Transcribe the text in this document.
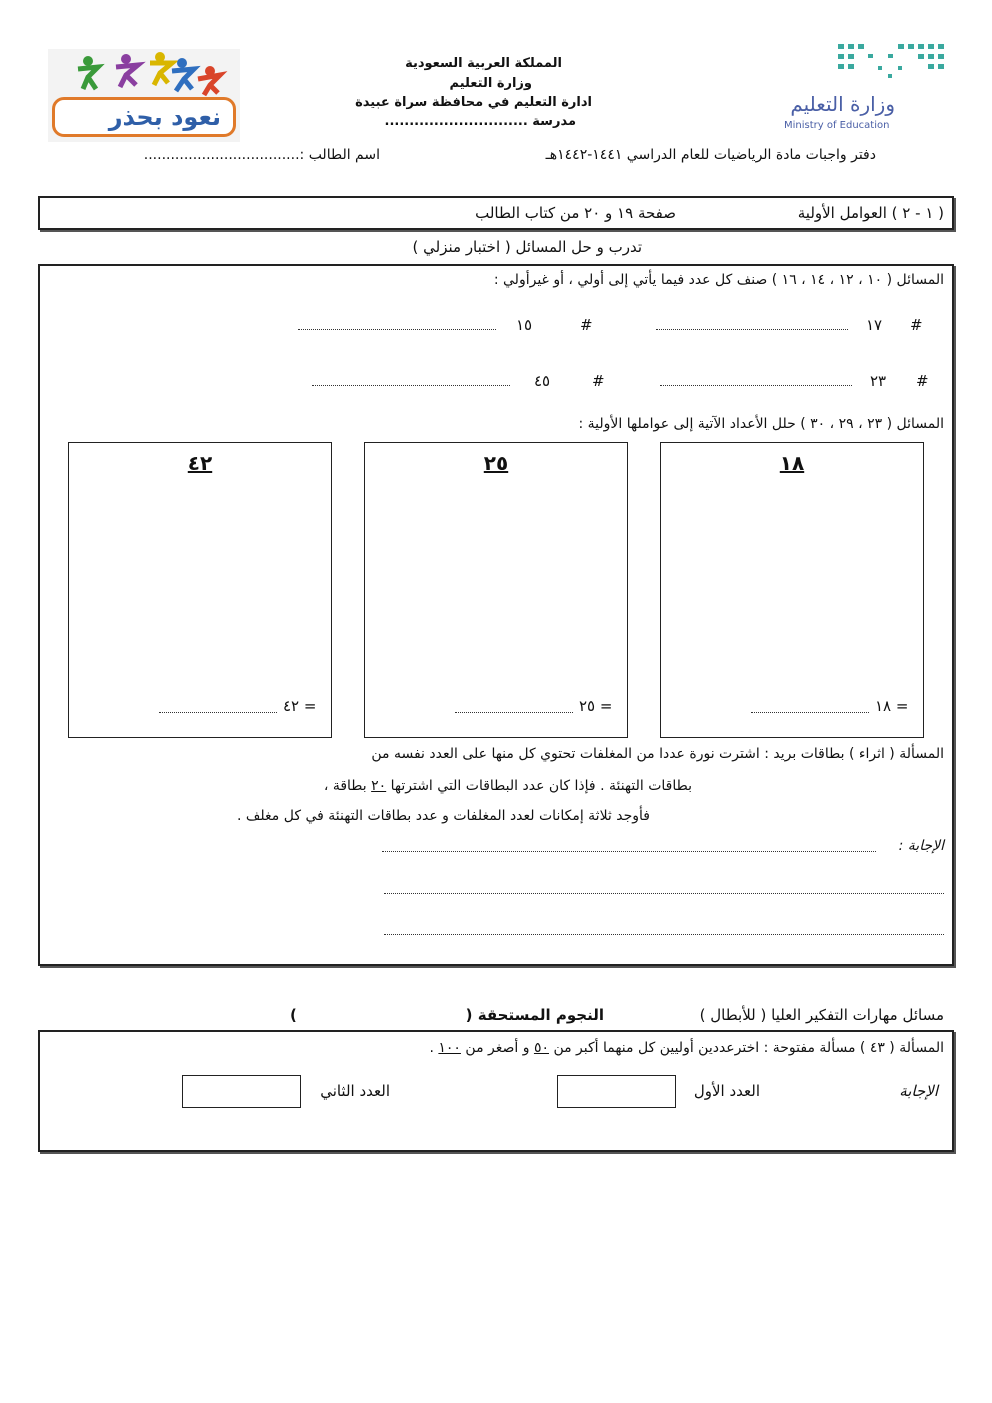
وزارة التعليم
Ministry of Education
المملكة العربية السعودية
وزارة التعليم
ادارة التعليم في محافظة سراة عبيدة
مدرسة .............................
نعود بحذر
دفتر واجبات مادة الرياضيات للعام الدراسي ١٤٤١-١٤٤٢هـ
اسم الطالب :...................................
( ١ - ٢ ) العوامل الأولية
صفحة ١٩ و ٢٠ من كتاب الطالب
تدرب و حل المسائل ( اختبار منزلي )
المسائل ( ١٠ ، ١٢ ، ١٤ ، ١٦ ) صنف كل عدد فيما يأتي إلى أولي ، أو غيرأولي :
#
١٧
#
١٥
#
٢٣
#
٤٥
المسائل ( ٢٣ ، ٢٩ ، ٣٠ ) حلل الأعداد الآتية إلى عواملها الأولية :
١٨
١٨ =
٢٥
٢٥ =
٤٢
٤٢ =
المسألة ( اثراء ) بطاقات بريد : اشترت نورة عددا من المغلفات تحتوي كل منها على العدد نفسه من
بطاقات التهنئة . فإذا كان عدد البطاقات التي اشترتها ٢٠ بطاقة ،
فأوجد ثلاثة إمكانات لعدد المغلفات و عدد بطاقات التهنئة في كل مغلف .
الإجابة :
مسائل مهارات التفكير العليا ( للأبطال )
النجوم المستحقة (
)
المسألة ( ٤٣ ) مسألة مفتوحة : اخترعددين أوليين كل منهما أكبر من ٥٠ و أصغر من ١٠٠ .
الإجابة
العدد الأول
العدد الثاني
